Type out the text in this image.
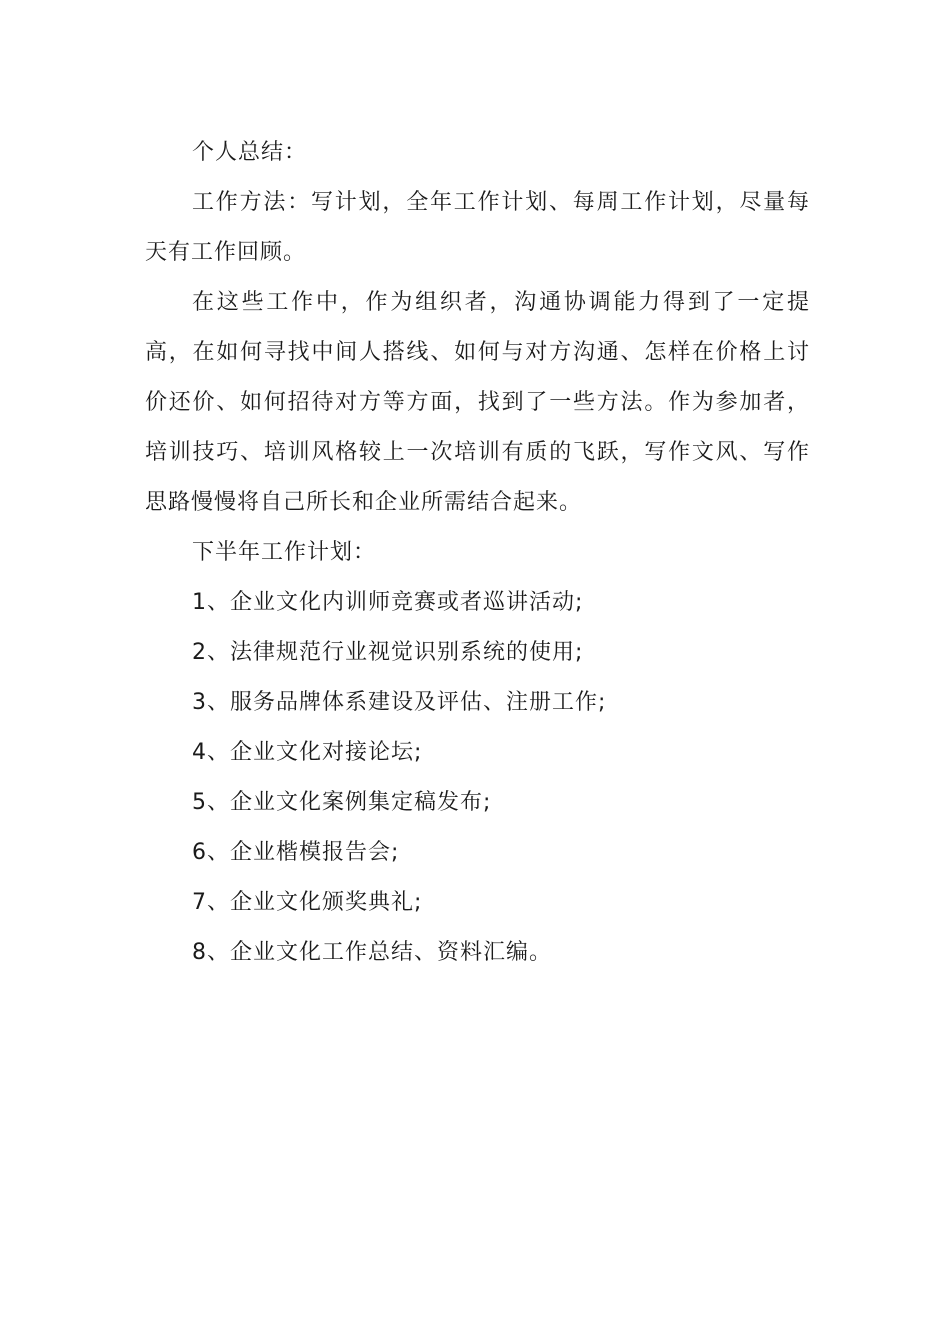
个人总结：

工作方法：写计划，全年工作计划、每周工作计划，尽量每天有工作回顾。

在这些工作中，作为组织者，沟通协调能力得到了一定提高，在如何寻找中间人搭线、如何与对方沟通、怎样在价格上讨价还价、如何招待对方等方面，找到了一些方法。作为参加者，培训技巧、培训风格较上一次培训有质的飞跃，写作文风、写作思路慢慢将自己所长和企业所需结合起来。

下半年工作计划：

1、企业文化内训师竞赛或者巡讲活动;

2、法律规范行业视觉识别系统的使用;

3、服务品牌体系建设及评估、注册工作;

4、企业文化对接论坛;

5、企业文化案例集定稿发布;

6、企业楷模报告会;

7、企业文化颁奖典礼;

8、企业文化工作总结、资料汇编。
